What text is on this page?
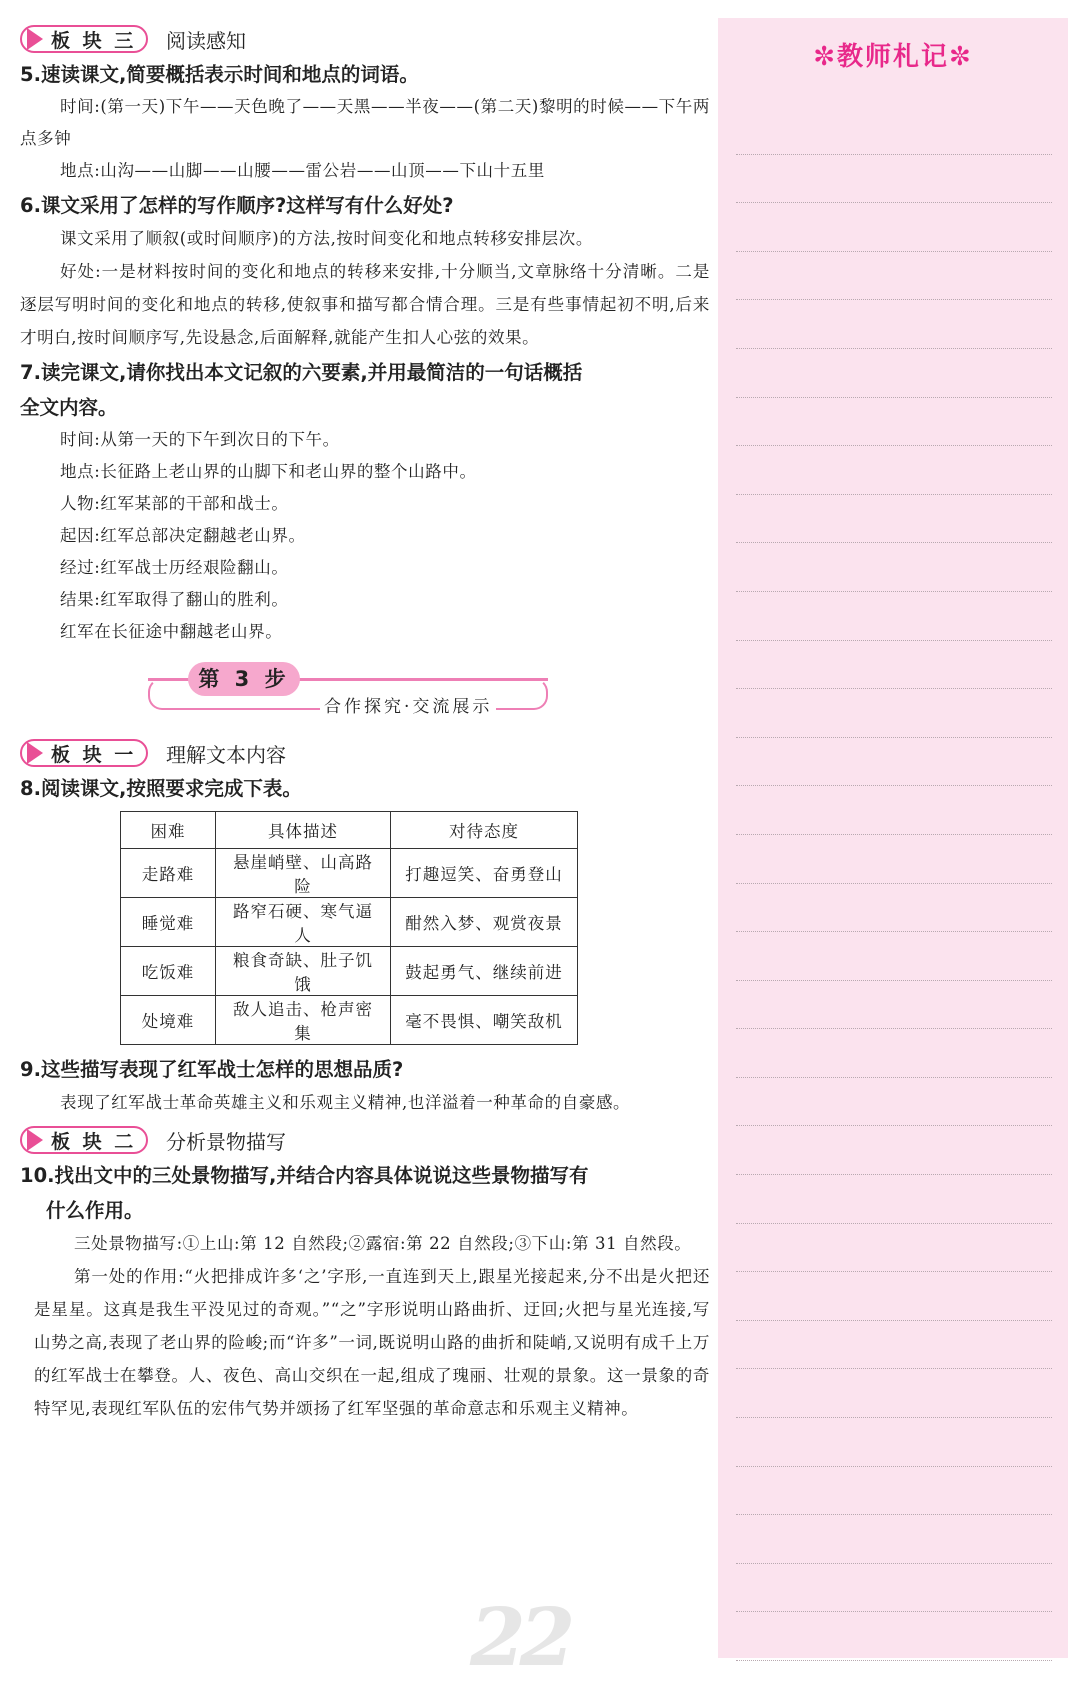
板 块 三 阅读感知
5.速读课文,简要概括表示时间和地点的词语。
时间:(第一天)下午——天色晚了——天黑——半夜——(第二天)黎明的时候——下午两点多钟
地点:山沟——山脚——山腰——雷公岩——山顶——下山十五里
6.课文采用了怎样的写作顺序?这样写有什么好处?
课文采用了顺叙(或时间顺序)的方法,按时间变化和地点转移安排层次。
好处:一是材料按时间的变化和地点的转移来安排,十分顺当,文章脉络十分清晰。二是逐层写明时间的变化和地点的转移,使叙事和描写都合情合理。三是有些事情起初不明,后来才明白,按时间顺序写,先设悬念,后面解释,就能产生扣人心弦的效果。
7.读完课文,请你找出本文记叙的六要素,并用最简洁的一句话概括
全文内容。
时间:从第一天的下午到次日的下午。
地点:长征路上老山界的山脚下和老山界的整个山路中。
人物:红军某部的干部和战士。
起因:红军总部决定翻越老山界。
经过:红军战士历经艰险翻山。
结果:红军取得了翻山的胜利。
红军在长征途中翻越老山界。
第 3 步
合作探究·交流展示
板 块 一 理解文本内容
8.阅读课文,按照要求完成下表。
困难	具体描述	对待态度
走路难	悬崖峭壁、山高路险	打趣逗笑、奋勇登山
睡觉难	路窄石硬、寒气逼人	酣然入梦、观赏夜景
吃饭难	粮食奇缺、肚子饥饿	鼓起勇气、继续前进
处境难	敌人追击、枪声密集	毫不畏惧、嘲笑敌机
9.这些描写表现了红军战士怎样的思想品质?
表现了红军战士革命英雄主义和乐观主义精神,也洋溢着一种革命的自豪感。
板 块 二 分析景物描写
10.找出文中的三处景物描写,并结合内容具体说说这些景物描写有
什么作用。
三处景物描写:①上山:第 12 自然段;②露宿:第 22 自然段;③下山:第 31 自然段。
第一处的作用:“火把排成许多‘之’字形,一直连到天上,跟星光接起来,分不出是火把还是星星。这真是我生平没见过的奇观。”“之”字形说明山路曲折、迂回;火把与星光连接,写山势之高,表现了老山界的险峻;而“许多”一词,既说明山路的曲折和陡峭,又说明有成千上万的红军战士在攀登。人、夜色、高山交织在一起,组成了瑰丽、壮观的景象。这一景象的奇特罕见,表现红军队伍的宏伟气势并颂扬了红军坚强的革命意志和乐观主义精神。
22
✼教师札记✼
